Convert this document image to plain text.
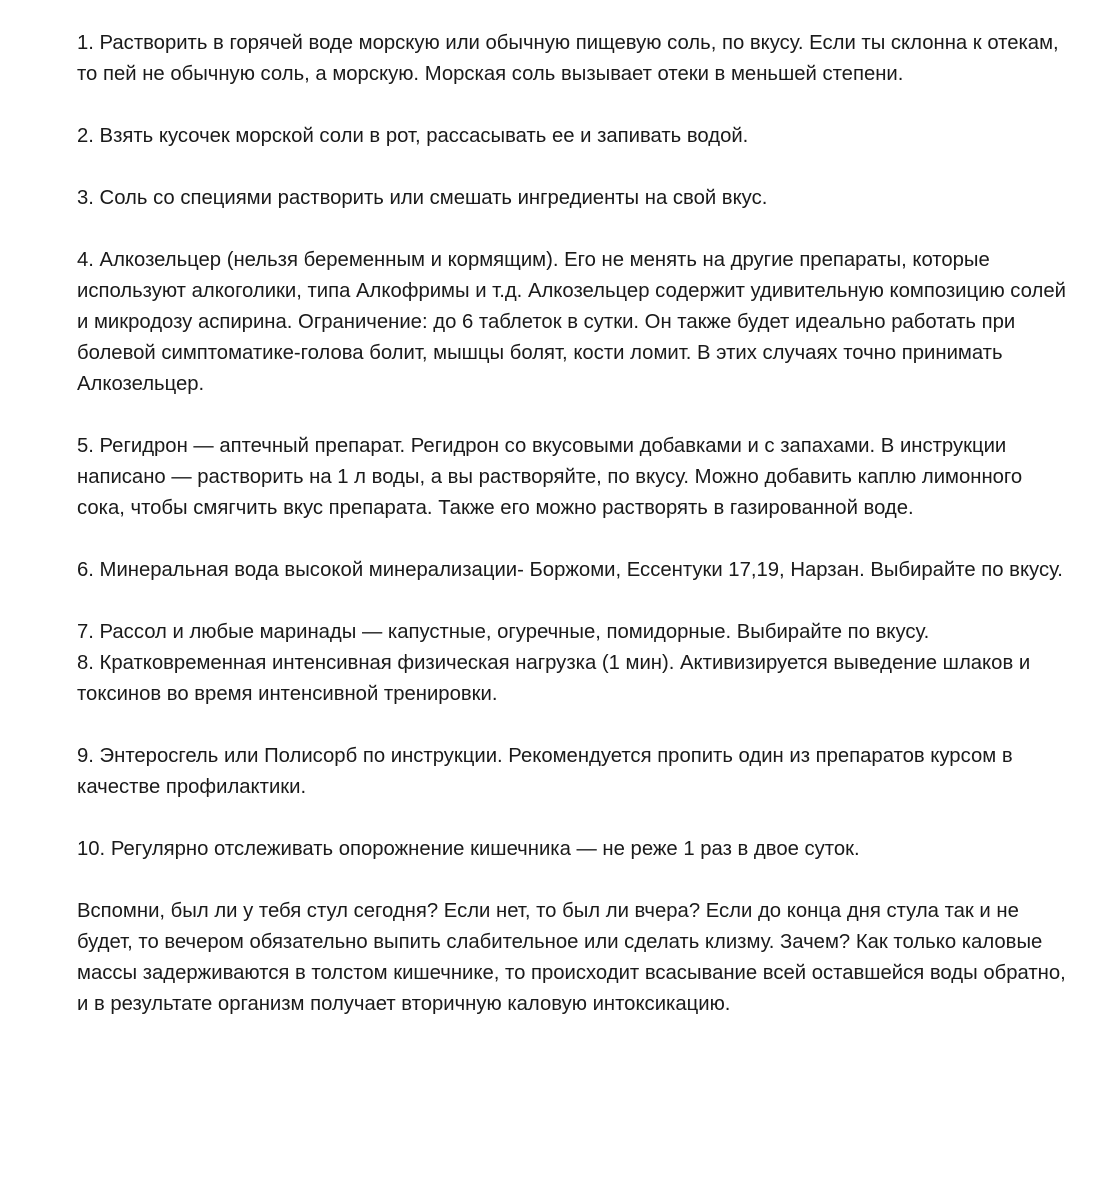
1. Растворить в горячей воде морскую или обычную пищевую соль, по вкусу. Если ты склонна к отекам, то пей не обычную соль, а морскую. Морская соль вызывает отеки в меньшей степени.

2. Взять кусочек морской соли в рот, рассасывать ее и запивать водой.

3. Соль со специями растворить или смешать ингредиенты на свой вкус.

4. Алкозельцер (нельзя беременным и кормящим). Его не менять на другие препараты, которые используют алкоголики, типа Алкофримы и т.д. Алкозельцер содержит удивительную композицию солей и микродозу аспирина. Ограничение: до 6 таблеток в сутки. Он также будет идеально работать при болевой симптоматике-голова болит, мышцы болят, кости ломит. В этих случаях точно принимать Алкозельцер.

5. Регидрон — аптечный препарат. Регидрон со вкусовыми добавками и с запахами. В инструкции написано — растворить на 1 л воды, а вы растворяйте, по вкусу. Можно добавить каплю лимонного сока, чтобы смягчить вкус препарата. Также его можно растворять в газированной воде.

6. Минеральная вода высокой минерализации- Боржоми, Ессентуки 17,19, Нарзан. Выбирайте по вкусу.

7. Рассол и любые маринады — капустные, огуречные, помидорные. Выбирайте по вкусу.

8. Кратковременная интенсивная физическая нагрузка (1 мин). Активизируется выведение шлаков и токсинов во время интенсивной тренировки.

9. Энтеросгель или Полисорб по инструкции. Рекомендуется пропить один из препаратов курсом в качестве профилактики.

10. Регулярно отслеживать опорожнение кишечника — не реже 1 раз в двое суток.

Вспомни, был ли у тебя стул сегодня? Если нет, то был ли вчера? Если до конца дня стула так и не будет, то вечером обязательно выпить слабительное или сделать клизму. Зачем? Как только каловые массы задерживаются в толстом кишечнике, то происходит всасывание всей оставшейся воды обратно, и в результате организм получает вторичную каловую интоксикацию.
